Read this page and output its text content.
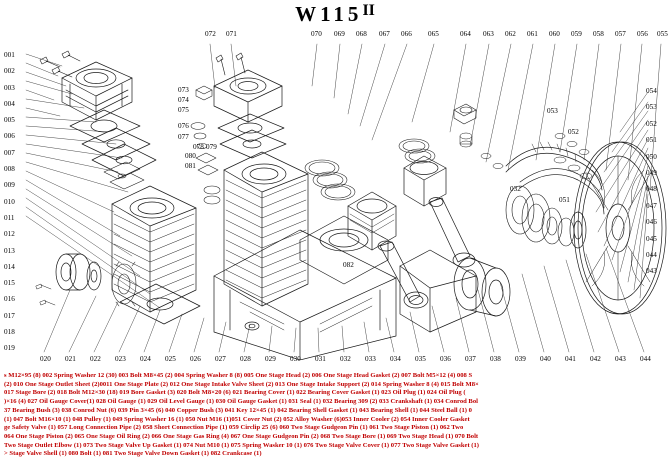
$W115^{II}$
001
002
003
004
005
006
007
008
009
010
011
012
013
014
015
016
017
018
019
072 071	070 069 068 067 066 065	064 063 062 061 060 059 058 057 056 055
054
053
052
051
050
049
048
047
046
045
044
043
020 021 022 023 024 025 026 027 028 029 030 031 032 033 034 035 036 037 038 039 040 041 042 043 044
073
074
075
076
077
078 079
080
081
082
032
053
052
051
s M12×95 (8) 002 Spring Washer 12 (30) 003 Bolt M8×45 (2) 004 Spring Washer 8 (8) 005 One Stage Head (2) 006 One Stage Head Gasket (2) 007 Bolt M5×12 (4) 008 S
(2) 010 One Stage Outlet Sheet (2)0011 One Stage Plate (2) 012 One Stage Intake Valve Sheet (2) 013 One Stage Intake Support (2) 014 Spring Washer 8 (4) 015 Bolt M8×
017 Stage Bore (2) 018 Bolt M12×30 (18) 019 Bore Gasket (3) 020 Bolt M8×20 (6) 021 Bearing Cover (1) 022 Bearing Cover Gasket (1) 023 Oil Plug (1) 024 Oil Plug (
)×16 (4) 027 Oil Gauge Cover(1) 028 Oil Gauge (1) 029 Oil Level Gauge (1) 030 Oil Gauge Gasket (1) 031 Seal (1) 032 Bearing 309 (2) 033 Crankshaft (1) 034 Conrod Bol
37 Bearing Bush (3) 038 Conrod Nut (6) 039 Pin 3×45 (6) 040 Copper Bush (3) 041 Key 12×45 (1) 042 Bearing Shell Gasket (1) 043 Bearing Shell (1) 044 Steel Ball (1) 0
(1) 047 Bolt M16×10 (1) 048 Pulley (1) 049 Spring Washer 16 (1) 050 Nut M16 (1)051 Cover Nut (2) 052 Alloy Washer (6)053 Inner Cooler (2) 054 Inner Cooler Gasket
ge Safety Valve (1) 057 Long Connection Pipe (2) 058 Short Connection Pipe (1) 059 Circlip 25 (6) 060 Two Stage Gudgeon Pin (1) 061 Two Stage Piston (1) 062 Two
064 One Stage Piston (2) 065 One Stage Oil Ring (2) 066 One Stage Gas Ring (4) 067 One Stage Gudgeon Pin (2) 068 Two Stage Bore (1) 069 Two Stage Head (1) 070 Bolt
Two Stage Outlet Elbow (1) 073 Two Stage Valve Up Gasket (1) 074 Nut M10 (1) 075 Spring Wasker 10 (1) 076 Two Stage Valve Cover (1) 077 Two Stage Valve Gasket (1)
> Stage Valve Shell (1) 080 Bolt (1) 081 Two Stage Valve Down Gasket (1) 082 Crankcase (1)
